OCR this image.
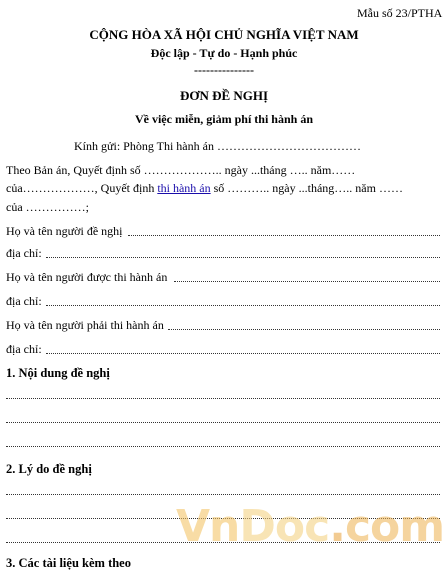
Mẫu số 23/PTHA
CỘNG HÒA XÃ HỘI CHỦ NGHĨA VIỆT NAM
Độc lập - Tự do - Hạnh phúc
---------------
ĐƠN ĐỀ NGHỊ
Về việc miễn, giảm phí thi hành án
Kính gửi: Phòng Thi hành án ………………………………
Theo Bản án, Quyết định số ……………….. ngày ...tháng ….. năm……
của………………, Quyết định thi hành án số ……….. ngày ...tháng….. năm ……
của ……………;
Họ và tên người đề nghị
địa chỉ:
Họ và tên người được thi hành án
địa chỉ:
Họ và tên người phải thi hành án
địa chỉ:
1. Nội dung đề nghị
2. Lý do đề nghị
VnDoc.com
3. Các tài liệu kèm theo
